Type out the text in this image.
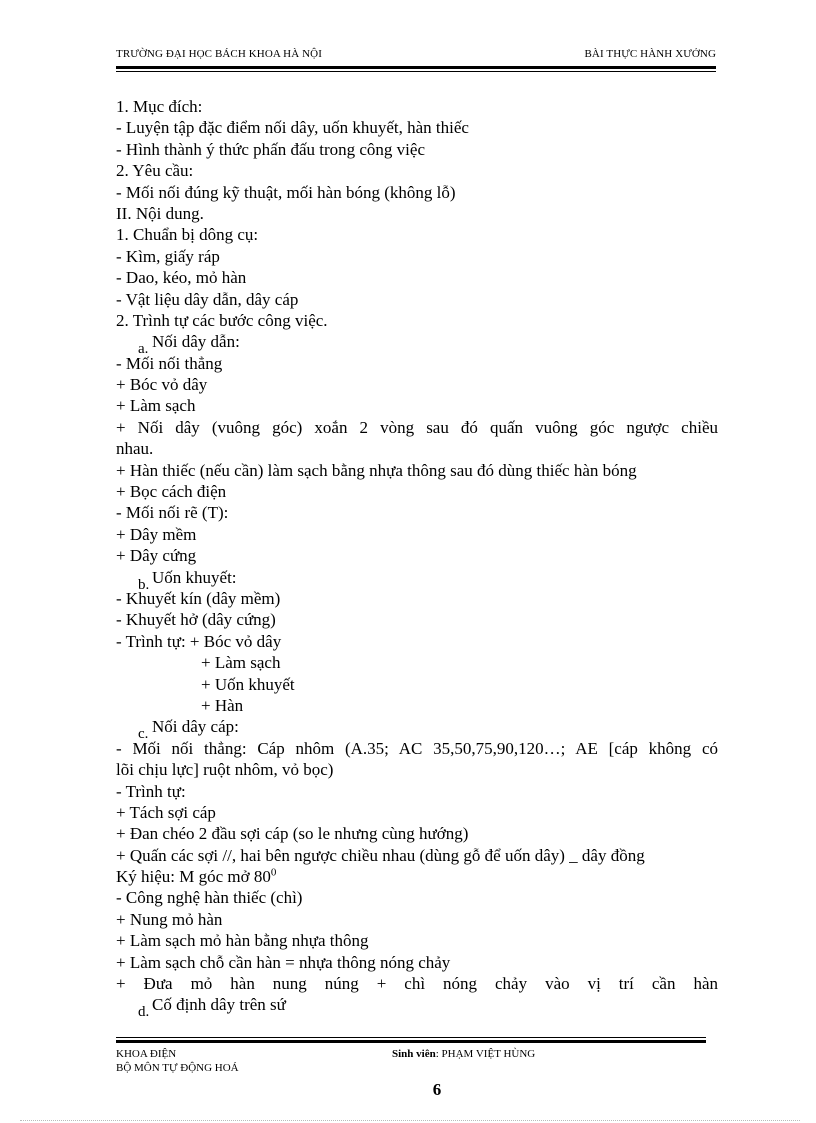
TRƯỜNG ĐẠI HỌC BÁCH KHOA HÀ NỘI	BÀI THỰC HÀNH XƯỞNG
1. Mục đích:
- Luyện tập đặc điểm nối dây, uốn khuyết, hàn thiếc
- Hình thành ý thức phấn đấu trong công việc
2. Yêu cầu:
- Mối nối đúng kỹ thuật, mối hàn bóng (không lỗ)
II. Nội dung.
1. Chuẩn bị dông cụ:
- Kìm, giấy ráp
- Dao, kéo, mỏ hàn
- Vật liệu dây dẫn, dây cáp
2. Trình tự các bước công việc.
a. Nối dây dẫn:
- Mối nối thẳng
+ Bóc vỏ dây
+ Làm sạch
+ Nối dây (vuông góc) xoắn 2 vòng sau đó quấn vuông góc ngược chiều
nhau.
+ Hàn thiếc (nếu cần) làm sạch bằng nhựa thông sau đó dùng thiếc hàn bóng
+ Bọc cách điện
- Mối nối rẽ (T):
+ Dây mềm
+ Dây cứng
b. Uốn khuyết:
- Khuyết kín (dây mềm)
- Khuyết hở (dây cứng)
- Trình tự: + Bóc vỏ dây
+ Làm sạch
+ Uốn khuyết
+ Hàn
c. Nối dây cáp:
- Mối nối thẳng: Cáp nhôm (A.35; AC 35,50,75,90,120…; AE [cáp không có
lõi chịu lực] ruột nhôm, vỏ bọc)
- Trình tự:
+ Tách sợi cáp
+ Đan chéo 2 đầu sợi cáp (so le nhưng cùng hướng)
+ Quấn các sợi //, hai bên ngược chiều nhau (dùng gỗ để uốn dây) _ dây đồng
Ký hiệu: M góc mở $80^0$
- Công nghệ hàn thiếc (chì)
+ Nung mỏ hàn
+ Làm sạch mỏ hàn bằng nhựa thông
+ Làm sạch chỗ cần hàn = nhựa thông nóng chảy
+ Đưa mỏ hàn nung núng + chì nóng chảy vào vị trí cần hàn
d. Cố định dây trên sứ
KHOA ĐIỆN
BỘ MÔN TỰ ĐỘNG HOÁ
Sinh viên: PHẠM VIỆT HÙNG
6
